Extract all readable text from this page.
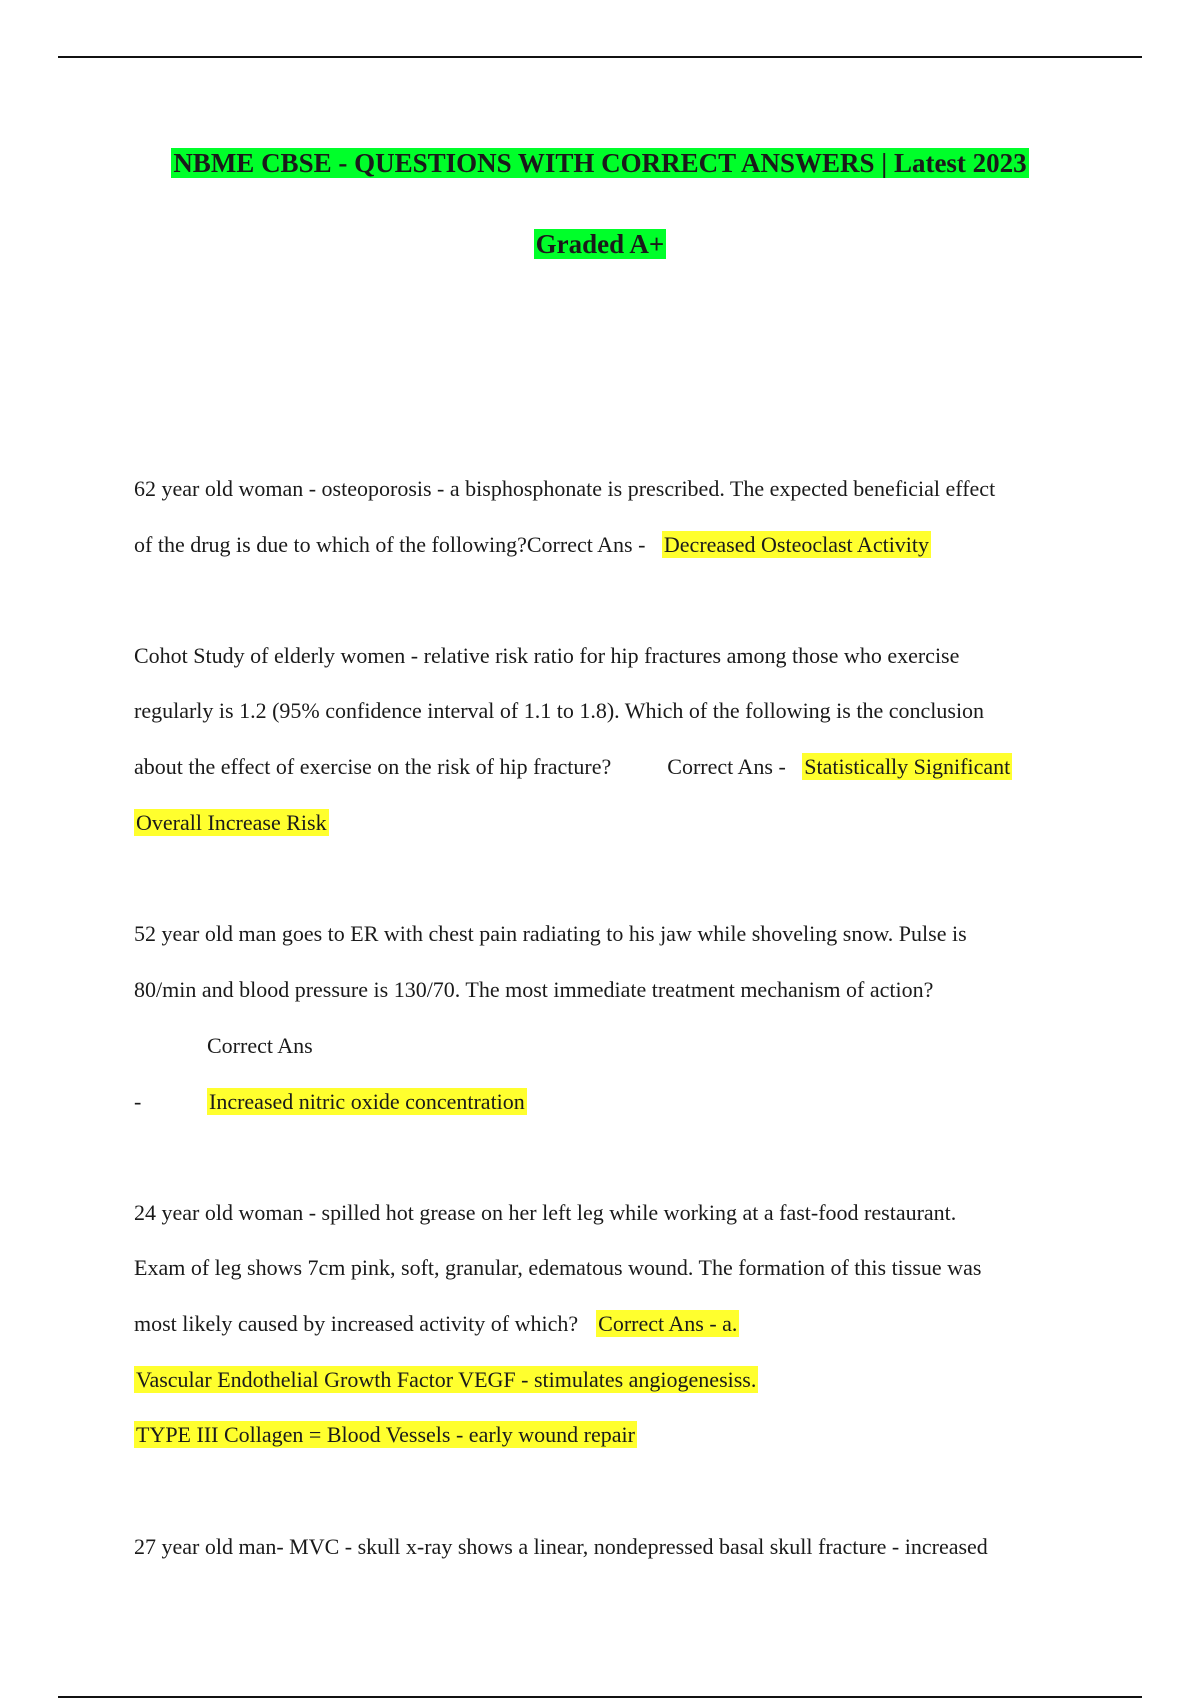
NBME CBSE - QUESTIONS WITH CORRECT ANSWERS | Latest 2023
Graded A+
62 year old woman - osteoporosis - a bisphosphonate is prescribed. The expected beneficial effect
of the drug is due to which of the following?Correct Ans - Decreased Osteoclast Activity
Cohot Study of elderly women - relative risk ratio for hip fractures among those who exercise
regularly is 1.2 (95% confidence interval of 1.1 to 1.8). Which of the following is the conclusion
about the effect of exercise on the risk of hip fracture?	Correct Ans - Statistically Significant
Overall Increase Risk
52 year old man goes to ER with chest pain radiating to his jaw while shoveling snow. Pulse is
80/min and blood pressure is 130/70. The most immediate treatment mechanism of action?
Correct Ans
-	Increased nitric oxide concentration
24 year old woman - spilled hot grease on her left leg while working at a fast-food restaurant.
Exam of leg shows 7cm pink, soft, granular, edematous wound. The formation of this tissue was
most likely caused by increased activity of which? Correct Ans - a.
Vascular Endothelial Growth Factor VEGF - stimulates angiogenesiss.
TYPE III Collagen = Blood Vessels - early wound repair
27 year old man- MVC - skull x-ray shows a linear, nondepressed basal skull fracture - increased
